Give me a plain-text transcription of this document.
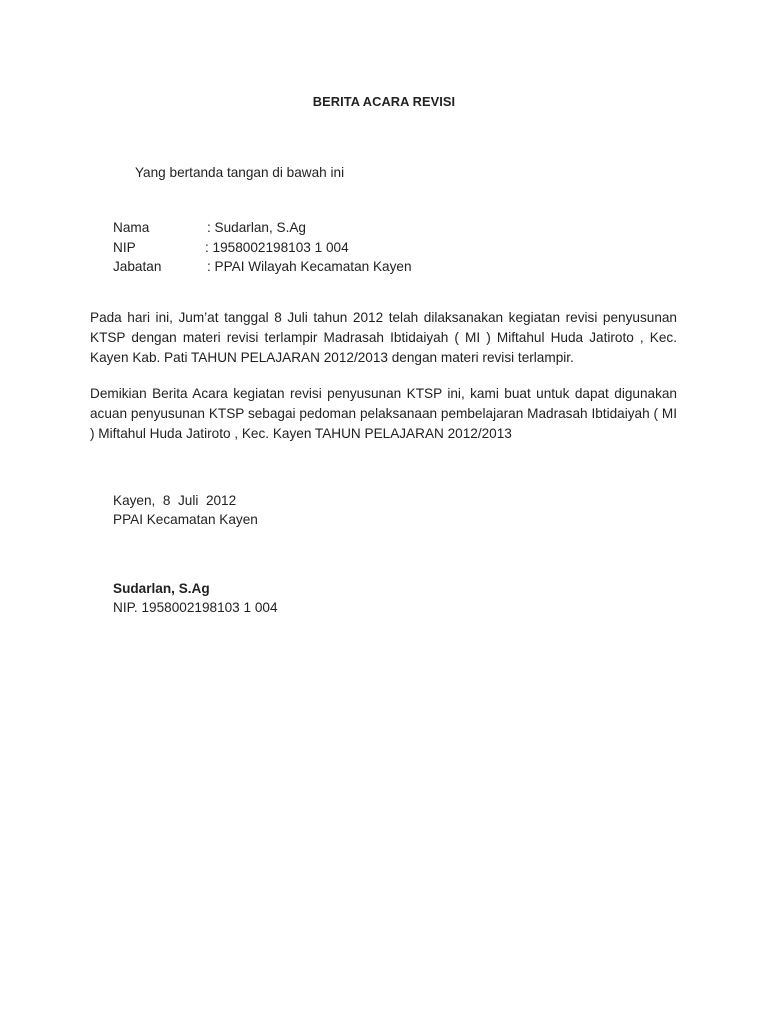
BERITA ACARA REVISI
Yang bertanda tangan di bawah ini
Nama	: Sudarlan, S.Ag
NIP	: 1958002198103 1 004
Jabatan	: PPAI Wilayah Kecamatan Kayen
Pada hari ini, Jum’at tanggal 8 Juli tahun 2012 telah dilaksanakan kegiatan revisi penyusunan KTSP dengan materi revisi terlampir Madrasah Ibtidaiyah ( MI ) Miftahul Huda Jatiroto , Kec. Kayen Kab. Pati TAHUN PELAJARAN 2012/2013 dengan materi revisi terlampir.
Demikian Berita Acara kegiatan revisi penyusunan KTSP ini, kami buat untuk dapat digunakan acuan penyusunan KTSP sebagai pedoman pelaksanaan pembelajaran Madrasah Ibtidaiyah ( MI ) Miftahul Huda Jatiroto , Kec. Kayen TAHUN PELAJARAN 2012/2013
Kayen,  8  Juli  2012
PPAI Kecamatan Kayen
Sudarlan, S.Ag
NIP. 1958002198103 1 004
